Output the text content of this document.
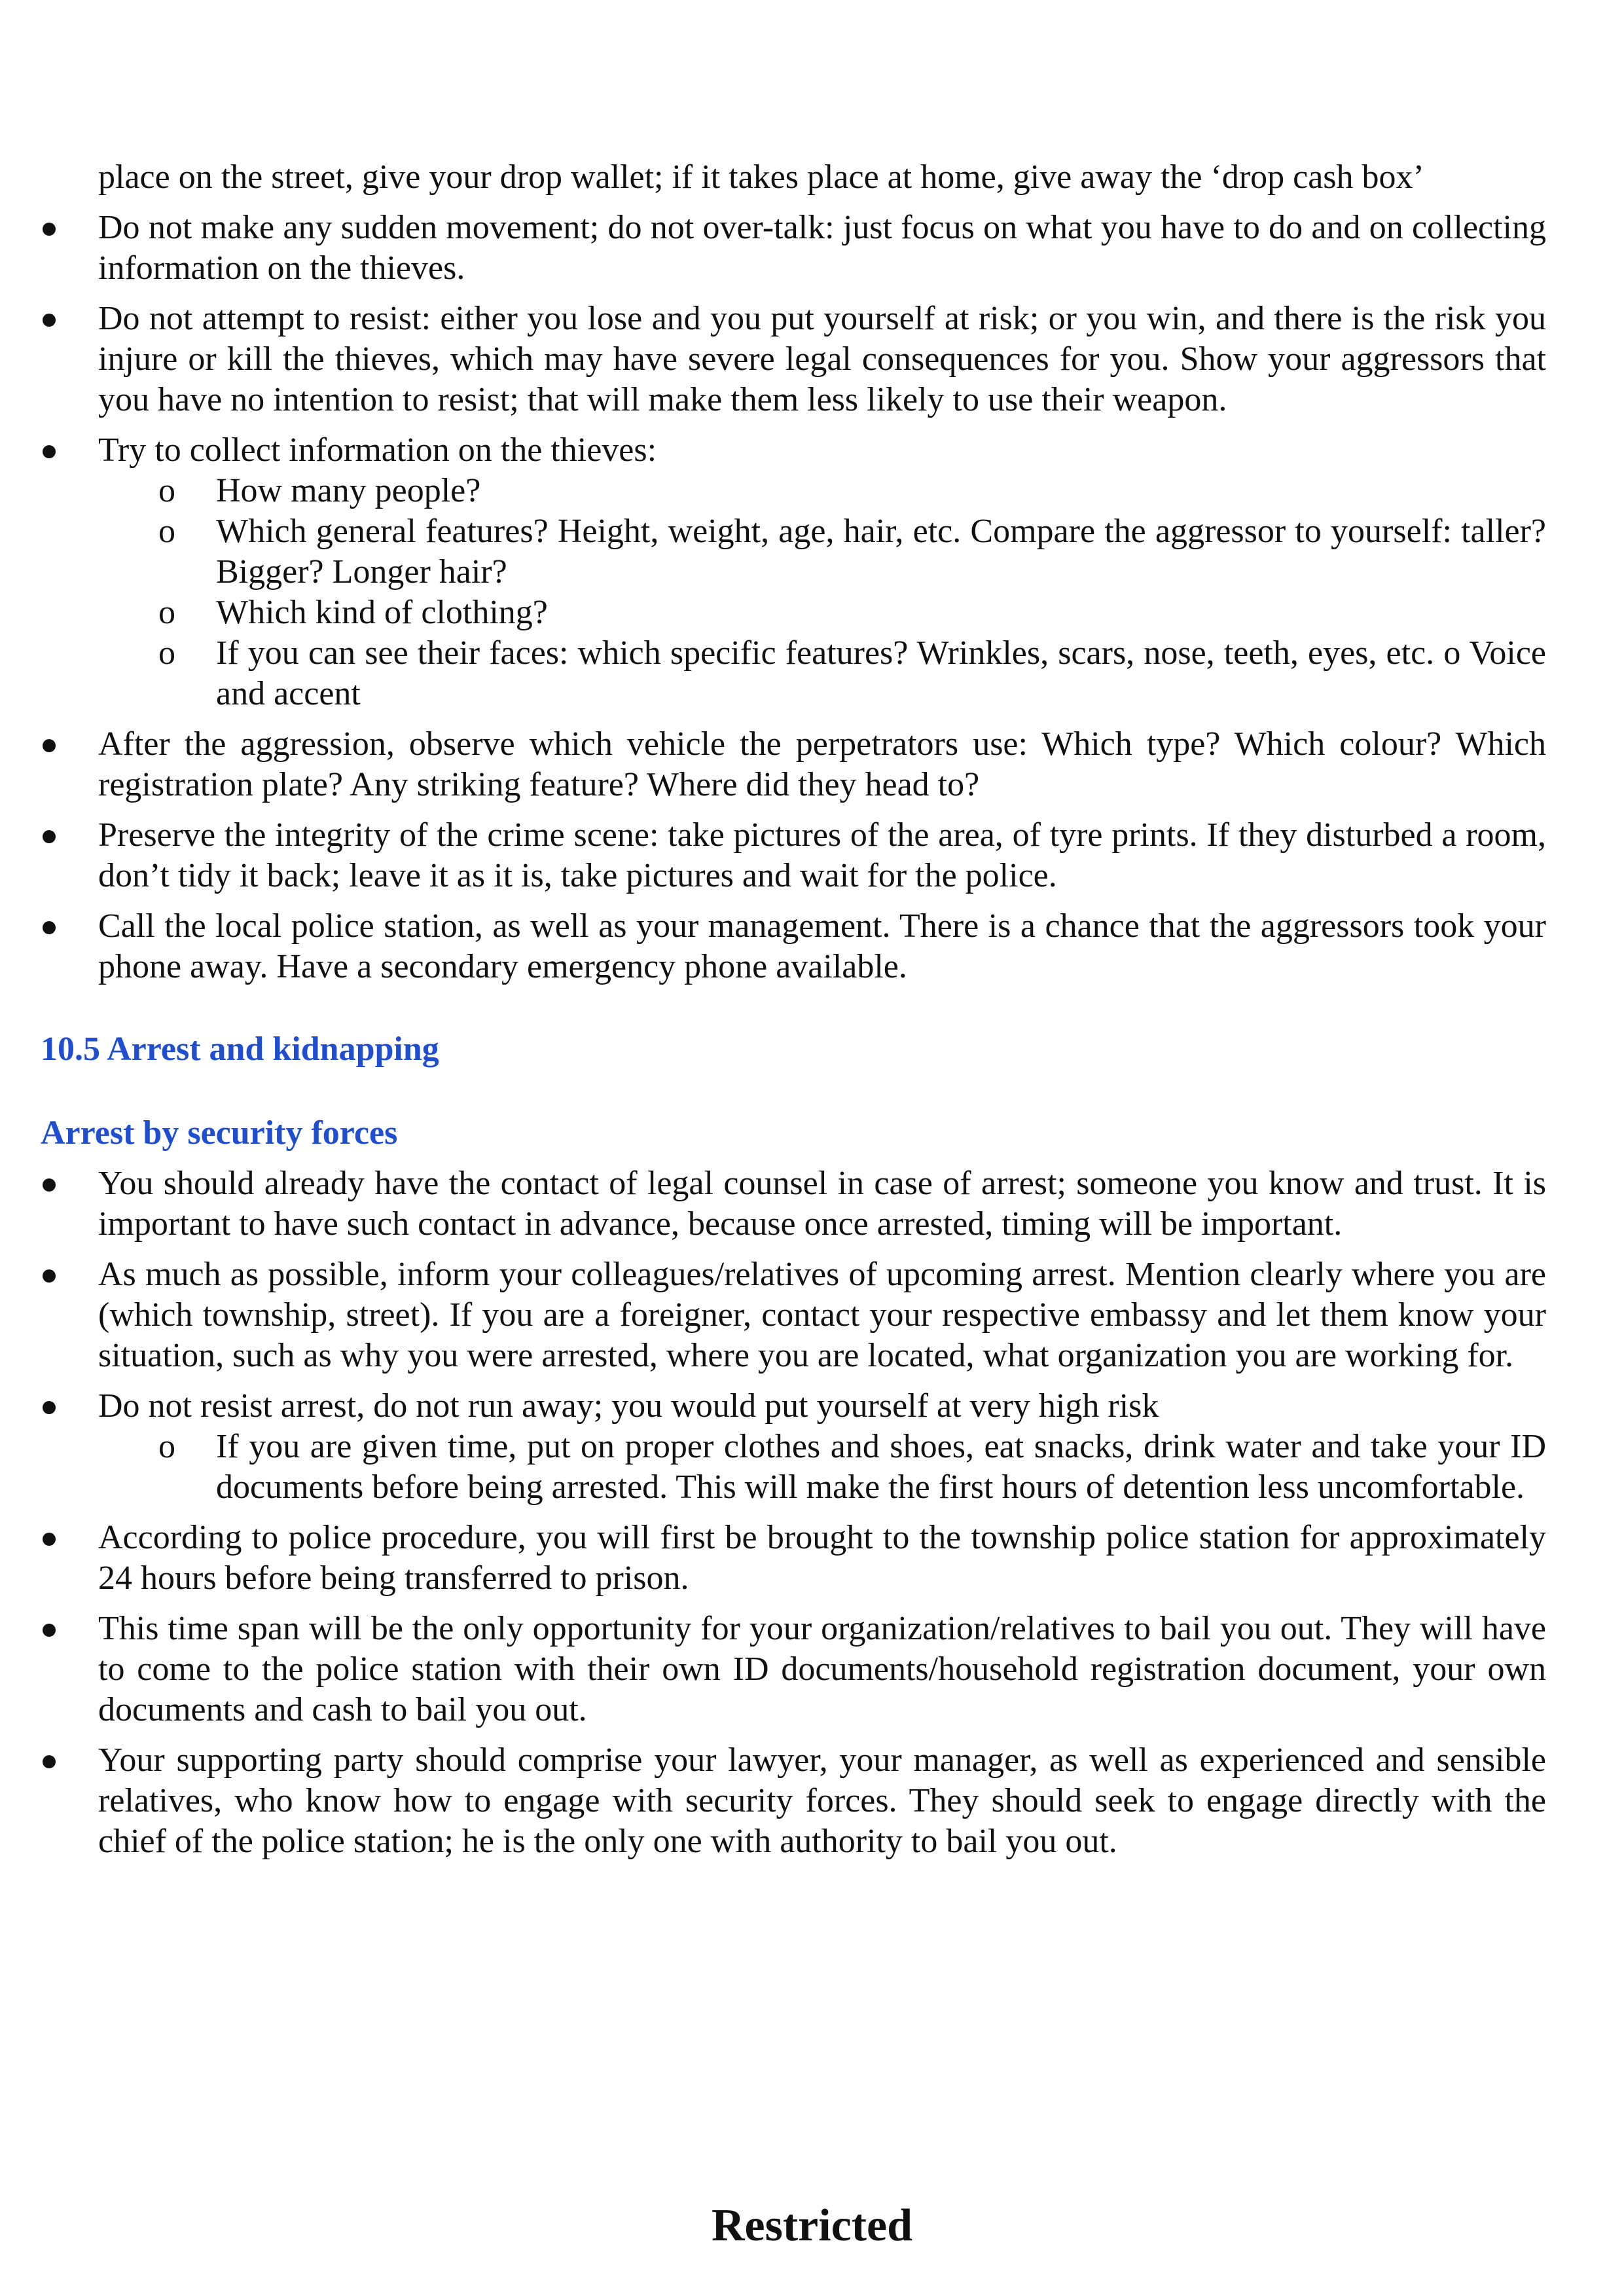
place on the street, give your drop wallet; if it takes place at home, give away the ‘drop cash box’
Do not make any sudden movement; do not over-talk: just focus on what you have to do and on collecting information on the thieves.
Do not attempt to resist: either you lose and you put yourself at risk; or you win, and there is the risk you injure or kill the thieves, which may have severe legal consequences for you. Show your aggressors that you have no intention to resist; that will make them less likely to use their weapon.
Try to collect information on the thieves:
o How many people?
o Which general features? Height, weight, age, hair, etc. Compare the aggressor to yourself: taller? Bigger? Longer hair?
o Which kind of clothing?
o If you can see their faces: which specific features? Wrinkles, scars, nose, teeth, eyes, etc. o Voice and accent
After the aggression, observe which vehicle the perpetrators use: Which type? Which colour? Which registration plate? Any striking feature? Where did they head to?
Preserve the integrity of the crime scene: take pictures of the area, of tyre prints. If they disturbed a room, don’t tidy it back; leave it as it is, take pictures and wait for the police.
Call the local police station, as well as your management. There is a chance that the aggressors took your phone away. Have a secondary emergency phone available.
10.5 Arrest and kidnapping
Arrest by security forces
You should already have the contact of legal counsel in case of arrest; someone you know and trust. It is important to have such contact in advance, because once arrested, timing will be important.
As much as possible, inform your colleagues/relatives of upcoming arrest. Mention clearly where you are (which township, street). If you are a foreigner, contact your respective embassy and let them know your situation, such as why you were arrested, where you are located, what organization you are working for.
Do not resist arrest, do not run away; you would put yourself at very high risk
o If you are given time, put on proper clothes and shoes, eat snacks, drink water and take your ID documents before being arrested. This will make the first hours of detention less uncomfortable.
According to police procedure, you will first be brought to the township police station for approximately 24 hours before being transferred to prison.
This time span will be the only opportunity for your organization/relatives to bail you out. They will have to come to the police station with their own ID documents/household registration document, your own documents and cash to bail you out.
Your supporting party should comprise your lawyer, your manager, as well as experienced and sensible relatives, who know how to engage with security forces. They should seek to engage directly with the chief of the police station; he is the only one with authority to bail you out.
Restricted
